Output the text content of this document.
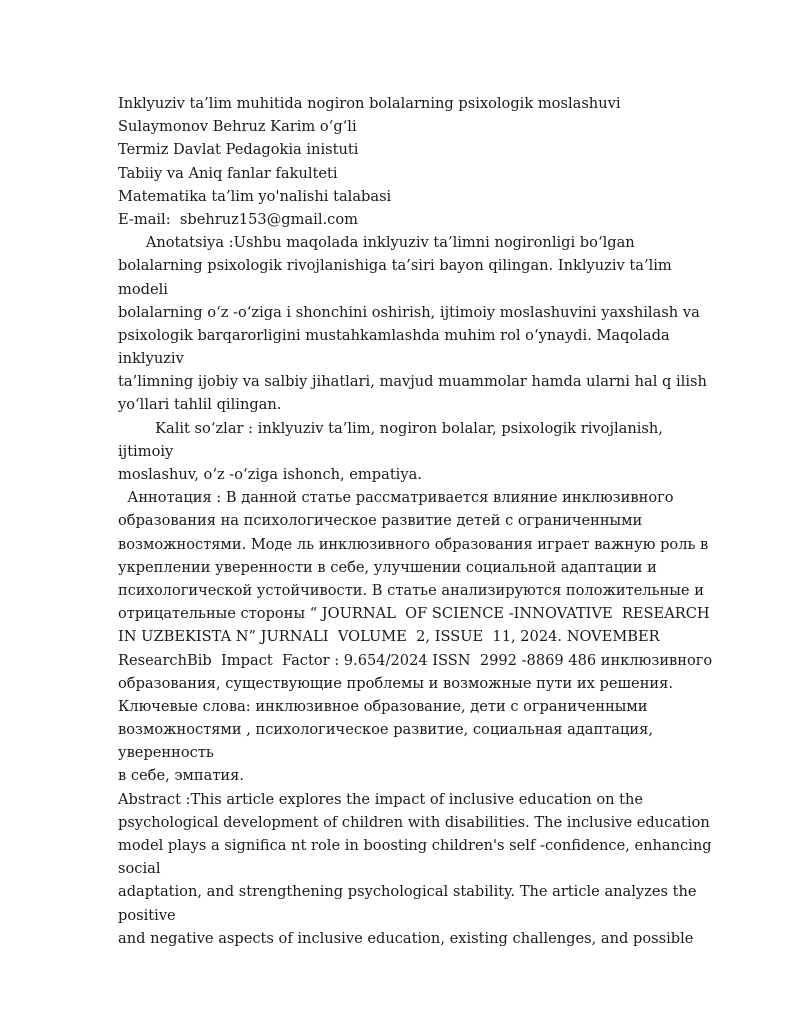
Inklyuziv ta’lim muhitida nogiron bolalarning psixologik moslashuvi
Sulaymonov Behruz Karim o‘g‘li
Termiz Davlat Pedagokia inistuti
Tabiiy va Aniq fanlar fakulteti
Matematika ta’lim yo'nalishi talabasi
E-mail:  sbehruz153@gmail.com
Anotatsiya :Ushbu maqolada inklyuziv ta’limni nogironligi bo‘lgan
bolalarning psixologik rivojlanishiga ta’siri bayon qilingan. Inklyuziv ta’lim
modeli
bolalarning o‘z -o‘ziga i shonchini oshirish, ijtimoiy moslashuvini yaxshilash va
psixologik barqarorligini mustahkamlashda muhim rol o‘ynaydi. Maqolada
inklyuziv
ta’limning ijobiy va salbiy jihatlari, mavjud muammolar hamda ularni hal q ilish
yo‘llari tahlil qilingan.
Kalit so‘zlar : inklyuziv ta’lim, nogiron bolalar, psixologik rivojlanish,
ijtimoiy
moslashuv, o‘z -o‘ziga ishonch, empatiya.
Аннотация : В данной статье рассматривается влияние инклюзивного
образования на психологическое развитие детей с ограниченными
возможностями. Моде ль инклюзивного образования играет важную роль в
укреплении уверенности в себе, улучшении социальной адаптации и
психологической устойчивости. В статье анализируются положительные и
отрицательные стороны “ JOURNAL  OF SCIENCE -INNOVATIVE  RESEARCH
IN UZBEKISTA N” JURNALI  VOLUME  2, ISSUE  11, 2024. NOVEMBER
ResearchBib  Impact  Factor : 9.654/2024 ISSN  2992 -8869 486 инклюзивного
образования, существующие проблемы и возможные пути их решения.
Ключевые слова: инклюзивное образование, дети с ограниченными
возможностями , психологическое развитие, социальная адаптация,
уверенность
в себе, эмпатия.
Abstract :This article explores the impact of inclusive education on the
psychological development of children with disabilities. The inclusive education
model plays a significa nt role in boosting children's self -confidence, enhancing
social
adaptation, and strengthening psychological stability. The article analyzes the
positive
and negative aspects of inclusive education, existing challenges, and possible
